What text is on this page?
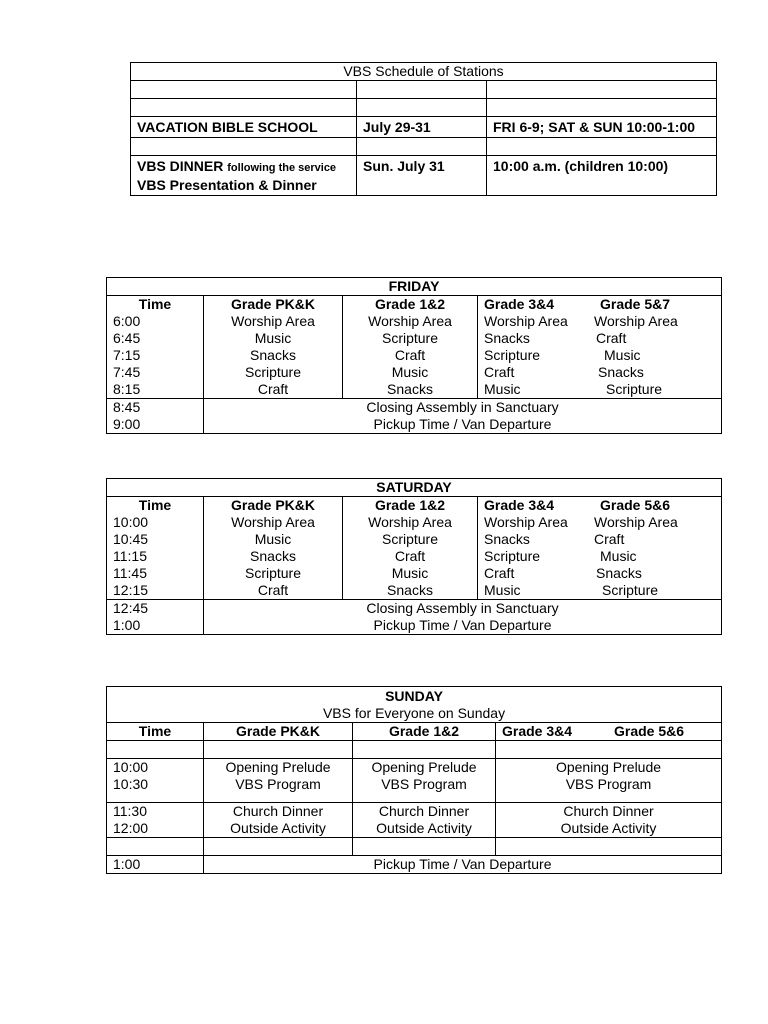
VBS Schedule of Stations		

VACATION BIBLE SCHOOL	July 29-31	FRI 6-9; SAT & SUN 10:00-1:00

VBS DINNER following the service
VBS Presentation & Dinner	Sun. July 31	10:00 a.m. (children 10:00)
FRIDAY			
Time	Grade PK&K	Grade 1&2	Grade 3&4 Grade 5&7
6:00	Worship Area	Worship Area	Worship Area Worship Area
6:45	Music	Scripture	Snacks Craft
7:15	Snacks	Craft	Scripture Music
7:45	Scripture	Music	Craft Snacks
8:15	Craft	Snacks	Music Scripture
8:45	Closing Assembly in Sanctuary		
9:00	Pickup Time / Van Departure		
SATURDAY			
Time	Grade PK&K	Grade 1&2	Grade 3&4 Grade 5&6
10:00	Worship Area	Worship Area	Worship Area Worship Area
10:45	Music	Scripture	Snacks Craft
11:15	Snacks	Craft	Scripture Music
11:45	Scripture	Music	Craft Snacks
12:15	Craft	Snacks	Music Scripture
12:45	Closing Assembly in Sanctuary		
1:00	Pickup Time / Van Departure		
SUNDAY			
VBS for Everyone on Sunday			
Time	Grade PK&K	Grade 1&2	Grade 3&4 Grade 5&6

10:00	Opening Prelude	Opening Prelude	Opening Prelude
10:30	VBS Program	VBS Program	VBS Program
11:30	Church Dinner	Church Dinner	Church Dinner
12:00	Outside Activity	Outside Activity	Outside Activity

1:00	Pickup Time / Van Departure		
